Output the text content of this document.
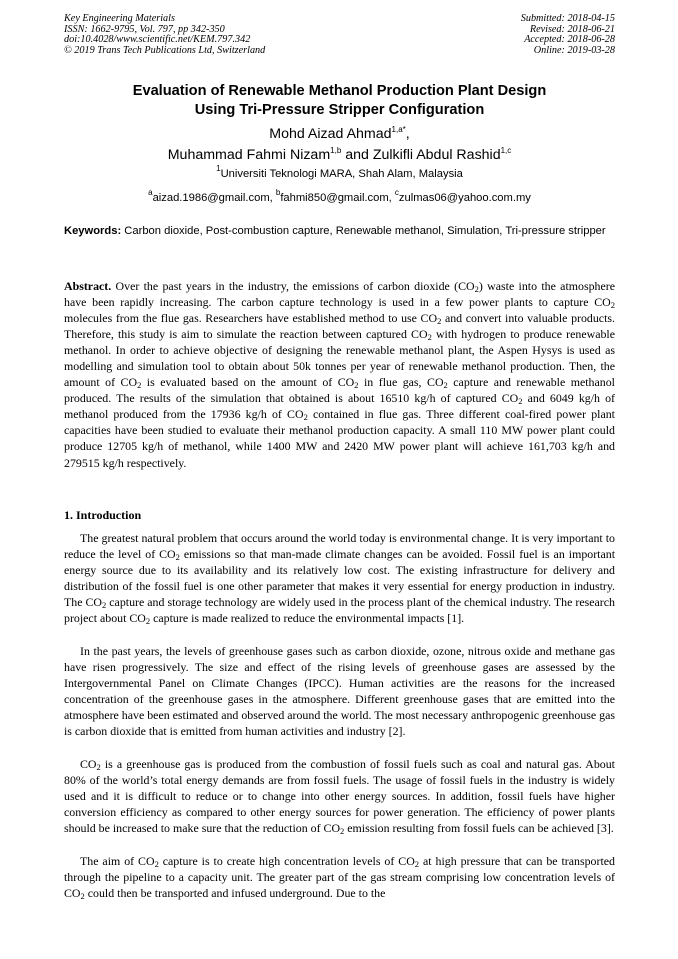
Key Engineering Materials
ISSN: 1662-9795, Vol. 797, pp 342-350
doi:10.4028/www.scientific.net/KEM.797.342
© 2019 Trans Tech Publications Ltd, Switzerland
Submitted: 2018-04-15
Revised: 2018-06-21
Accepted: 2018-06-28
Online: 2019-03-28
Evaluation of Renewable Methanol Production Plant Design
Using Tri-Pressure Stripper Configuration
Mohd Aizad Ahmad$^{1,a*}$,
Muhammad Fahmi Nizam$^{1,b}$ and Zulkifli Abdul Rashid$^{1,c}$
$^1$Universiti Teknologi MARA, Shah Alam, Malaysia
$^a$aizad.1986@gmail.com, $^b$fahmi850@gmail.com, $^c$zulmas06@yahoo.com.my
Keywords: Carbon dioxide, Post-combustion capture, Renewable methanol, Simulation, Tri-pressure stripper
Abstract. Over the past years in the industry, the emissions of carbon dioxide $(CO_2)$ waste into the atmosphere have been rapidly increasing. The carbon capture technology is used in a few power plants to capture $CO_2$ molecules from the flue gas. Researchers have established method to use $CO_2$ and convert into valuable products. Therefore, this study is aim to simulate the reaction between captured $CO_2$ with hydrogen to produce renewable methanol. In order to achieve objective of designing the renewable methanol plant, the Aspen Hysys is used as modelling and simulation tool to obtain about 50k tonnes per year of renewable methanol production. Then, the amount of $CO_2$ is evaluated based on the amount of $CO_2$ in flue gas, $CO_2$ capture and renewable methanol produced. The results of the simulation that obtained is about 16510 kg/h of captured $CO_2$ and 6049 kg/h of methanol produced from the 17936 kg/h of $CO_2$ contained in flue gas. Three different coal-fired power plant capacities have been studied to evaluate their methanol production capacity. A small 110 MW power plant could produce 12705 kg/h of methanol, while 1400 MW and 2420 MW power plant will achieve 161,703 kg/h and 279515 kg/h respectively.
1. Introduction
The greatest natural problem that occurs around the world today is environmental change. It is very important to reduce the level of $CO_2$ emissions so that man-made climate changes can be avoided. Fossil fuel is an important energy source due to its availability and its relatively low cost. The existing infrastructure for delivery and distribution of the fossil fuel is one other parameter that makes it very essential for energy production in industry. The $CO_2$ capture and storage technology are widely used in the process plant of the chemical industry. The research project about $CO_2$ capture is made realized to reduce the environmental impacts [1].
In the past years, the levels of greenhouse gases such as carbon dioxide, ozone, nitrous oxide and methane gas have risen progressively. The size and effect of the rising levels of greenhouse gases are assessed by the Intergovernmental Panel on Climate Changes (IPCC). Human activities are the reasons for the increased concentration of the greenhouse gases in the atmosphere. Different greenhouse gases that are emitted into the atmosphere have been estimated and observed around the world. The most necessary anthropogenic greenhouse gas is carbon dioxide that is emitted from human activities and industry [2].
$CO_2$ is a greenhouse gas is produced from the combustion of fossil fuels such as coal and natural gas. About 80% of the world’s total energy demands are from fossil fuels. The usage of fossil fuels in the industry is widely used and it is difficult to reduce or to change into other energy sources. In addition, fossil fuels have higher conversion efficiency as compared to other energy sources for power generation. The efficiency of power plants should be increased to make sure that the reduction of $CO_2$ emission resulting from fossil fuels can be achieved [3].
The aim of $CO_2$ capture is to create high concentration levels of $CO_2$ at high pressure that can be transported through the pipeline to a capacity unit. The greater part of the gas stream comprising low concentration levels of $CO_2$ could then be transported and infused underground. Due to the
